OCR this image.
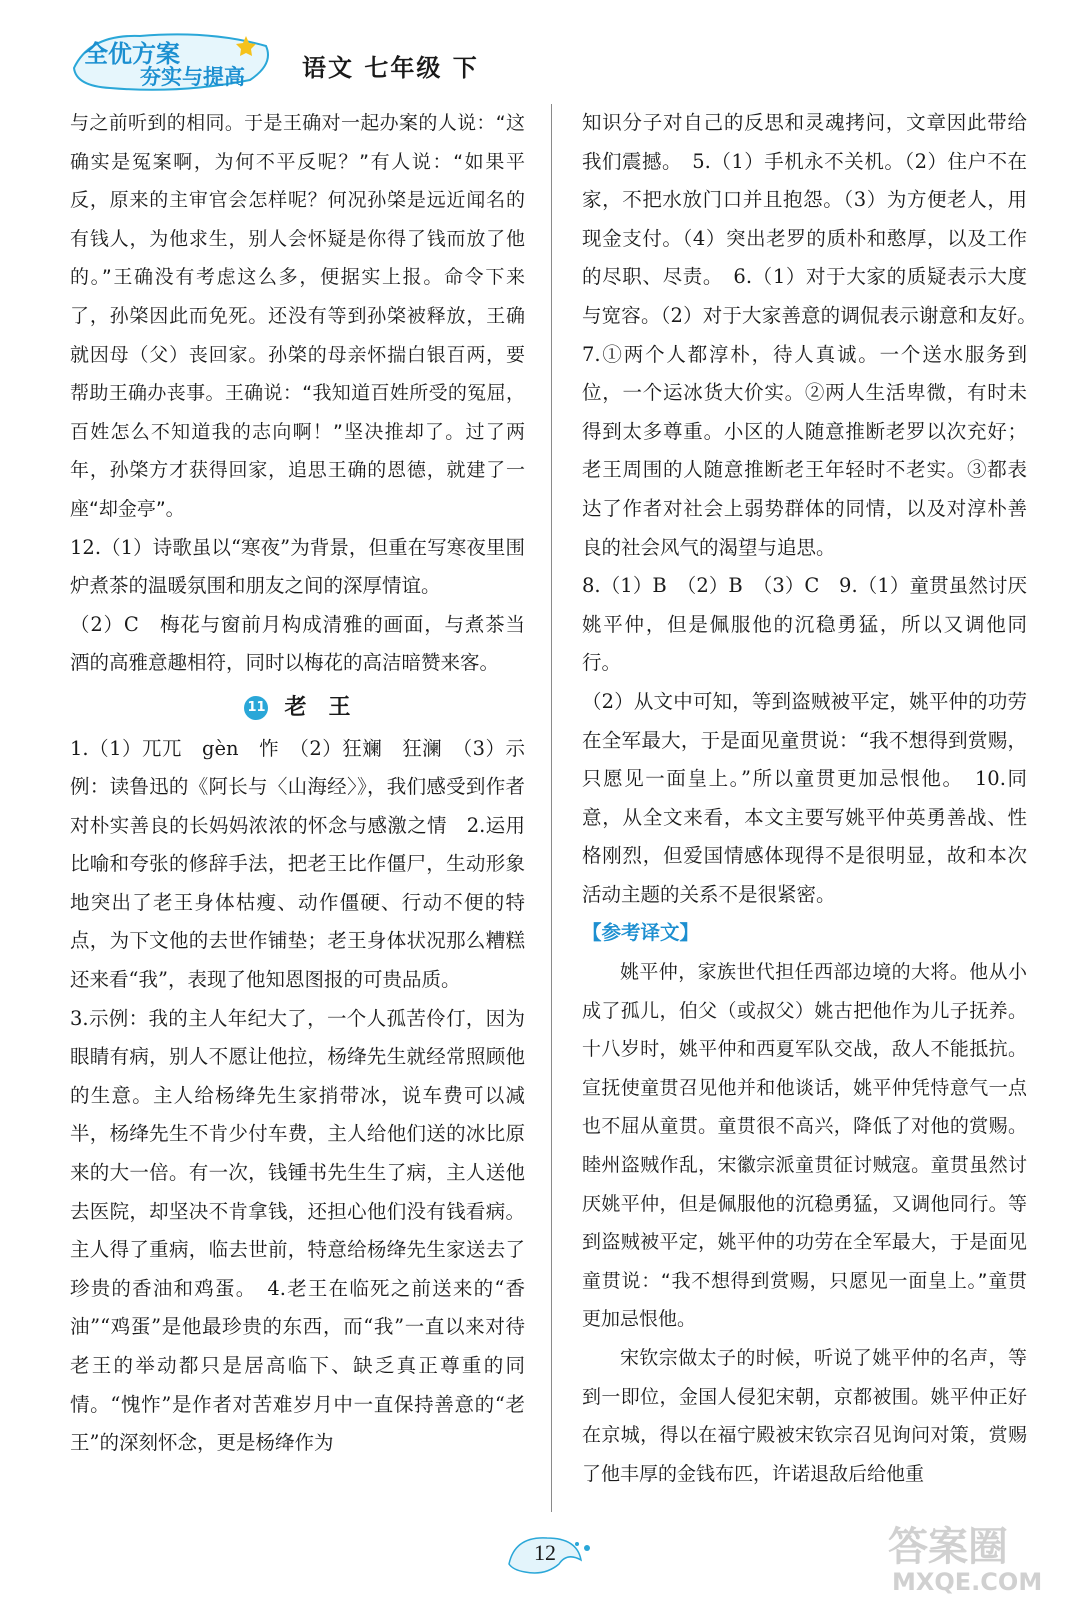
全优方案
夯实与提高 语文 七年级 下

与之前听到的相同。于是王确对一起办案的人说：“这确实是冤案啊，为何不平反呢？”有人说：“如果平反，原来的主审官会怎样呢？何况孙棨是远近闻名的有钱人，为他求生，别人会怀疑是你得了钱而放了他的。”王确没有考虑这么多，便据实上报。命令下来了，孙棨因此而免死。还没有等到孙棨被释放，王确就因母（父）丧回家。孙棨的母亲怀揣白银百两，要帮助王确办丧事。王确说：“我知道百姓所受的冤屈，百姓怎么不知道我的志向啊！”坚决推却了。过了两年，孙棨方才获得回家，追思王确的恩德，就建了一座“却金亭”。

12.（1）诗歌虽以“寒夜”为背景，但重在写寒夜里围炉煮茶的温暖氛围和朋友之间的深厚情谊。

（2）C　梅花与窗前月构成清雅的画面，与煮茶当酒的高雅意趣相符，同时以梅花的高洁暗赞来客。

11 老　王

1.（1）兀兀　gèn　怍　（2）狂斓　狂澜　（3）示例：读鲁迅的《阿长与〈山海经〉》，我们感受到作者对朴实善良的长妈妈浓浓的怀念与感激之情　2.运用比喻和夸张的修辞手法，把老王比作僵尸，生动形象地突出了老王身体枯瘦、动作僵硬、行动不便的特点，为下文他的去世作铺垫；老王身体状况那么糟糕还来看“我”，表现了他知恩图报的可贵品质。

3.示例：我的主人年纪大了，一个人孤苦伶仃，因为眼睛有病，别人不愿让他拉，杨绛先生就经常照顾他的生意。主人给杨绛先生家捎带冰，说车费可以减半，杨绛先生不肯少付车费，主人给他们送的冰比原来的大一倍。有一次，钱锺书先生生了病，主人送他去医院，却坚决不肯拿钱，还担心他们没有钱看病。主人得了重病，临去世前，特意给杨绛先生家送去了珍贵的香油和鸡蛋。　4.老王在临死之前送来的“香油”“鸡蛋”是他最珍贵的东西，而“我”一直以来对待老王的举动都只是居高临下、缺乏真正尊重的同情。“愧怍”是作者对苦难岁月中一直保持善意的“老王”的深刻怀念，更是杨绛作为

知识分子对自己的反思和灵魂拷问，文章因此带给我们震撼。　5.（1）手机永不关机。（2）住户不在家，不把水放门口并且抱怨。（3）为方便老人，用现金支付。（4）突出老罗的质朴和憨厚，以及工作的尽职、尽责。　6.（1）对于大家的质疑表示大度与宽容。（2）对于大家善意的调侃表示谢意和友好。　7.①两个人都淳朴，待人真诚。一个送水服务到位，一个运冰货大价实。②两人生活卑微，有时未得到太多尊重。小区的人随意推断老罗以次充好；老王周围的人随意推断老王年轻时不老实。③都表达了作者对社会上弱势群体的同情，以及对淳朴善良的社会风气的渴望与追思。

8.（1）B　（2）B　（3）C　9.（1）童贯虽然讨厌姚平仲，但是佩服他的沉稳勇猛，所以又调他同行。

（2）从文中可知，等到盗贼被平定，姚平仲的功劳在全军最大，于是面见童贯说：“我不想得到赏赐，只愿见一面皇上。”所以童贯更加忌恨他。　10.同意，从全文来看，本文主要写姚平仲英勇善战、性格刚烈，但爱国情感体现得不是很明显，故和本次活动主题的关系不是很紧密。

【参考译文】

姚平仲，家族世代担任西部边境的大将。他从小成了孤儿，伯父（或叔父）姚古把他作为儿子抚养。十八岁时，姚平仲和西夏军队交战，敌人不能抵抗。宣抚使童贯召见他并和他谈话，姚平仲凭恃意气一点也不屈从童贯。童贯很不高兴，降低了对他的赏赐。睦州盗贼作乱，宋徽宗派童贯征讨贼寇。童贯虽然讨厌姚平仲，但是佩服他的沉稳勇猛，又调他同行。等到盗贼被平定，姚平仲的功劳在全军最大，于是面见童贯说：“我不想得到赏赐，只愿见一面皇上。”童贯更加忌恨他。

宋钦宗做太子的时候，听说了姚平仲的名声，等到一即位，金国人侵犯宋朝，京都被围。姚平仲正好在京城，得以在福宁殿被宋钦宗召见询问对策，赏赐了他丰厚的金钱布匹，许诺退敌后给他重

12	答案圈
MXQE.COM
